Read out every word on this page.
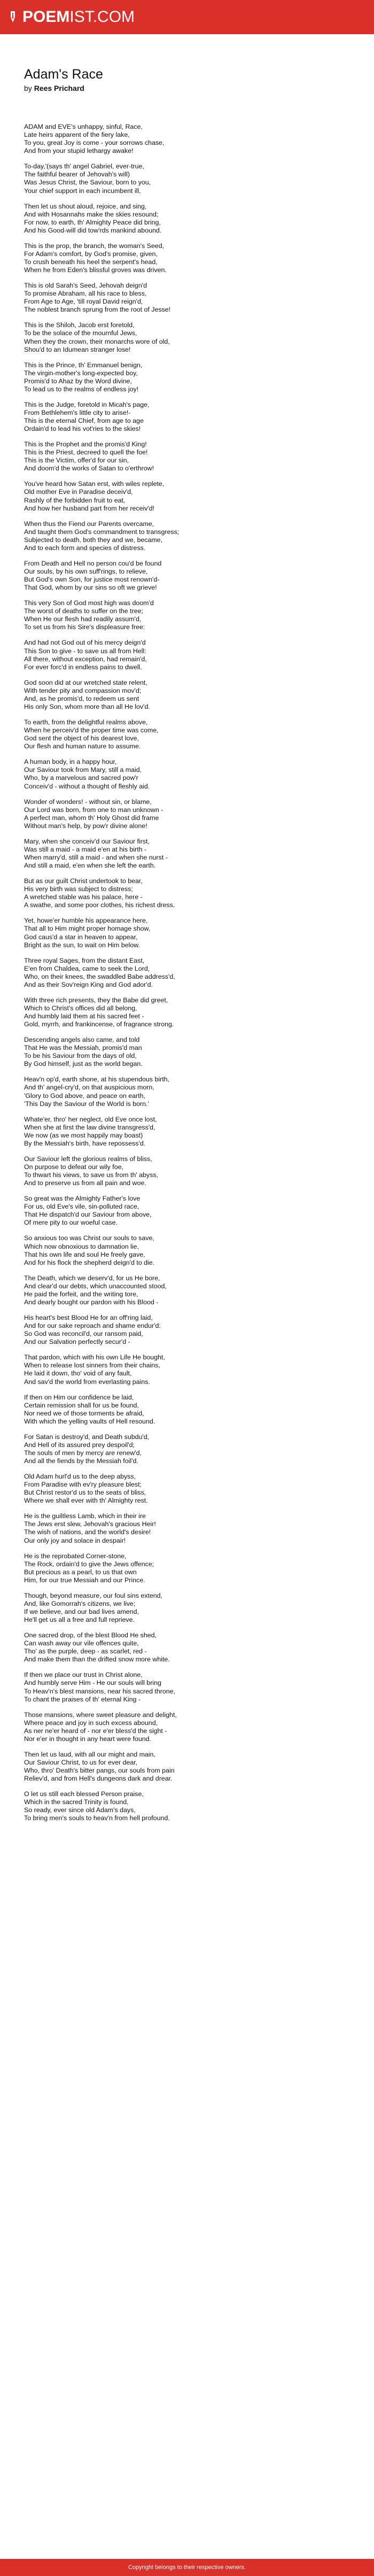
POEMIST.COM
Adam's Race
by Rees Prichard
ADAM and EVE's unhappy, sinful, Race,
Late heirs apparent of the fiery lake,
To you, great Joy is come - your sorrows chase,
And from your stupid lethargy awake!
To-day,'(says th' angel Gabriel, ever-true,
The faithful bearer of Jehovah's will)
Was Jesus Christ, the Saviour, born to you,
Your chief support in each incumbent ill,
Then let us shout aloud, rejoice, and sing,
And with Hosannahs make the skies resound;
For now, to earth, th' Almighty Peace did bring,
And his Good-will did tow'rds mankind abound.
This is the prop, the branch, the woman's Seed,
For Adam's comfort, by God's promise, given,
To crush beneath his heel the serpent's head,
When he from Eden's blissful groves was driven.
This is old Sarah's Seed, Jehovah deign'd
To promise Abraham, all his race to bless,
From Age to Age, 'till royal David reign'd,
The noblest branch sprung from the root of Jesse!
This is the Shiloh, Jacob erst foretold,
To be the solace of the mournful Jews,
When they the crown, their monarchs wore of old,
Shou'd to an Idumean stranger lose!
This is the Prince, th' Emmanuel benign,
The virgin-mother's long-expected boy,
Promis'd to Ahaz by the Word divine,
To lead us to the realms of endless joy!
This is the Judge, foretold in Micah's page,
From Bethlehem's little city to arise!-
This is the eternal Chief, from age to age
Ordain'd to lead his vot'ries to the skies!
This is the Prophet and the promis'd King!
This is the Priest, decreed to quell the foe!
This is the Victim, offer'd for our sin,
And doom'd the works of Satan to o'erthrow!
You've heard how Satan erst, with wiles replete,
Old mother Eve in Paradise deceiv'd,
Rashly of the forbidden fruit to eat,
And how her husband part from her receiv'd!
When thus the Fiend our Parents overcame,
And taught them God's commandment to transgress;
Subjected to death, both they and we, became,
And to each form and species of distress.
From Death and Hell no person cou'd be found
Our souls, by his own suff'rings, to relieve,
But God's own Son, for justice most renown'd-
That God, whom by our sins so oft we grieve!
This very Son of God most high was doom'd
The worst of deaths to suffer on the tree;
When He our flesh had readily assum'd,
To set us from his Sire's displeasure free:
And had not God out of his mercy deign'd
This Son to give - to save us all from Hell:
All there, without exception, had remain'd,
For ever forc'd in endless pains to dwell.
God soon did at our wretched state relent,
With tender pity and compassion mov'd;
And, as he promis'd, to redeem us sent
His only Son, whom more than all He lov'd.
To earth, from the delightful realms above,
When he perceiv'd the proper time was come,
God sent the object of his dearest love,
Our flesh and human nature to assume.
A human body, in a happy hour,
Our Saviour took from Mary, still a maid,
Who, by a marvelous and sacred pow'r
Conceiv'd - without a thought of fleshly aid.
Wonder of wonders! - without sin, or blame,
Our Lord was born, from one to man unknown -
A perfect man, whom th' Holy Ghost did frame
Without man's help, by pow'r divine alone!
Mary, when she conceiv'd our Saviour first,
Was still a maid - a maid e'en at his birth -
When marry'd, still a maid - and when she nurst -
And still a maid, e'en when she left the earth.
But as our guilt Christ undertook to bear,
His very birth was subject to distress;
A wretched stable was his palace, here -
A swathe, and some poor clothes, his richest dress.
Yet, howe'er humble his appearance here,
That all to Him might proper homage show,
God caus'd a star in heaven to appear,
Bright as the sun, to wait on Him below.
Three royal Sages, from the distant East,
E'en from Chaldea, came to seek the Lord,
Who, on their knees, the swaddled Babe address'd,
And as their Sov'reign King and God ador'd.
With three rich presents, they the Babe did greet,
Which to Christ's offices did all belong,
And humbly laid them at his sacred feet -
Gold, myrrh, and frankincense, of fragrance strong.
Descending angels also came, and told
That He was the Messiah, promis'd man
To be his Saviour from the days of old,
By God himself, just as the world began.
Heav'n op'd, earth shone, at his stupendous birth,
And th' angel-cry'd, on that auspicious morn,
'Glory to God above, and peace on earth,
'This Day the Saviour of the World is born.'
Whate'er, thro' her neglect, old Eve once lost,
When she at first the law divine transgress'd,
We now (as we most happily may boast)
By the Messiah's birth, have repossess'd.
Our Saviour left the glorious realms of bliss,
On purpose to defeat our wily foe,
To thwart his views, to save us from th' abyss,
And to preserve us from all pain and woe.
So great was the Almighty Father's love
For us, old Eve's vile, sin-polluted race,
That He dispatch'd our Saviour from above,
Of mere pity to our woeful case.
So anxious too was Christ our souls to save,
Which now obnoxious to damnation lie,
That his own life and soul He freely gave,
And for his flock the shepherd deign'd to die.
The Death, which we deserv'd, for us He bore,
And clear'd our debts, which unaccounted stood,
He paid the forfeit, and the writing tore,
And dearly bought our pardon with his Blood -
His heart's best Blood He for an off'ring laid,
And for our sake reproach and shame endur'd:
So God was reconcil'd, our ransom paid,
And our Salvation perfectly secur'd -
That pardon, which with his own Life He bought,
When to release lost sinners from their chains,
He laid it down, tho' void of any fault,
And sav'd the world from everlasting pains.
If then on Him our confidence be laid,
Certain remission shall for us be found,
Nor need we of those torments be afraid,
With which the yelling vaults of Hell resound.
For Satan is destroy'd, and Death subdu'd,
And Hell of its assured prey despoil'd;
The souls of men by mercy are renew'd,
And all the fiends by the Messiah foil'd.
Old Adam hurl'd us to the deep abyss,
From Paradise with ev'ry pleasure blest;
But Christ restor'd us to the seats of bliss,
Where we shall ever with th' Almighty rest.
He is the guiltless Lamb, which in their ire
The Jews erst slew, Jehovah's gracious Heir!
The wish of nations, and the world's desire!
Our only joy and solace in despair!
He is the reprobated Corner-stone,
The Rock, ordain'd to give the Jews offence;
But precious as a pearl, to us that own
Him, for our true Messiah and our Prince.
Though, beyond measure, our foul sins extend,
And, like Gomorrah's citizens, we live;
If we believe, and our bad lives amend,
He'll get us all a free and full reprieve.
One sacred drop, of the blest Blood He shed,
Can wash away our vile offences quite,
Tho' as the purple, deep - as scarlet, red -
And make them than the drifted snow more white.
If then we place our trust in Christ alone,
And humbly serve Him - He our souls will bring
To Heav'n's blest mansions, near his sacred throne,
To chant the praises of th' eternal King -
Those mansions, where sweet pleasure and delight,
Where peace and joy in such excess abound,
As ner ne'er heard of - nor e'er bless'd the sight -
Nor e'er in thought in any heart were found.
Then let us laud, with all our might and main,
Our Saviour Christ, to us for ever dear,
Who, thro' Death's bitter pangs, our souls from pain
Reliev'd, and from Hell's dungeons dark and drear.
O let us still each blessed Person praise,
Which in the sacred Trinity is found,
So ready, ever since old Adam's days,
To bring men's souls to heav'n from hell profound.
Copyright belongs to their respective owners.
